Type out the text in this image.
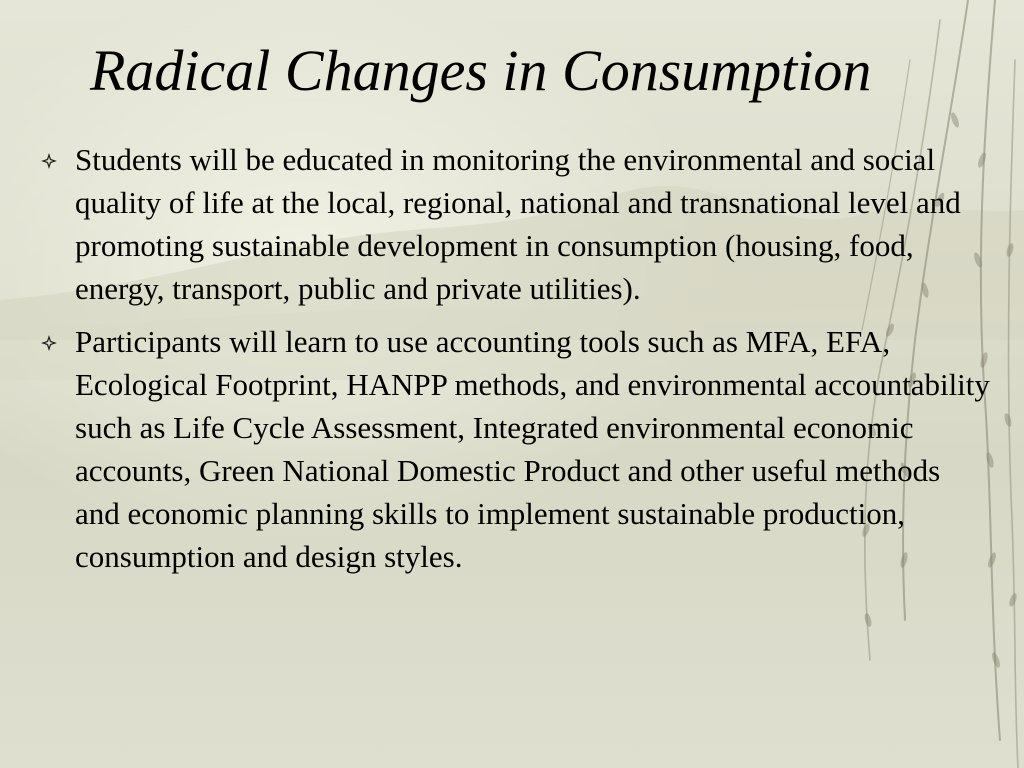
Radical Changes in Consumption
Students will be educated in monitoring the environmental and social quality of life at the local, regional, national and transnational level and promoting sustainable development in consumption (housing, food, energy, transport, public and private utilities).
Participants will learn to use accounting tools such as MFA, EFA, Ecological Footprint, HANPP methods, and environmental accountability such as Life Cycle Assessment, Integrated environmental economic accounts, Green National Domestic Product and other useful methods and economic planning skills to implement sustainable production, consumption and design styles.
